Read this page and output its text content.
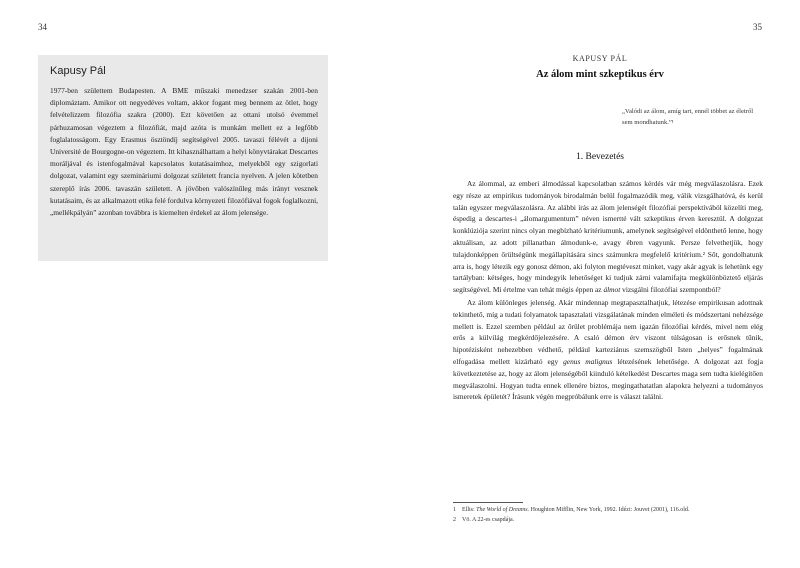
34
Kapusy Pál
1977-ben születtem Budapesten. A BME műszaki menedzser szakán 2001-ben diplomáztam. Amikor ott negyedéves voltam, akkor fogant meg bennem az ötlet, hogy felvételizzem filozófia szakra (2000). Ezt követően az ottani utolsó évemmel párhuzamosan végeztem a filozófiát, majd azóta is munkám mellett ez a legfőbb foglalatosságom. Egy Erasmus ösztöndíj segítségével 2005. tavaszi félévét a dijoni Université de Bourgogne-on végeztem. Itt kihasználhattam a helyi könyvtárakat Descartes moráljával és istenfogalmával kapcsolatos kutatásaimhoz, melyekből egy szigorlati dolgozat, valamint egy szemináriumi dolgozat született francia nyelven. A jelen kötetben szereplő írás 2006. tavaszán született. A jövőben valószínűleg más irányt vesznek kutatásaim, és az alkalmazott etika felé fordulva környezeti filozófiával fogok foglalkozni, „mellékpályán” azonban továbbra is kiemelten érdekel az álom jelensége.
35
KAPUSY PÁL
Az álom mint szkeptikus érv
„Valódi az álom, amíg tart, ennél többet az életről sem mondhatunk.”¹
1. Bevezetés

Az álommal, az emberi álmodással kapcsolatban számos kérdés vár még megválaszolásra. Ezek egy része az empirikus tudományok birodalmán belül fogalmazódik meg, válik vizsgálhatóvá, és kerül talán egyszer megválaszolásra. Az alábbi írás az álom jelenségét filozófiai perspektívából közelíti meg, éspedig a descartes-i „álomargumentum” néven ismertté vált szkeptikus érven keresztül. A dolgozat konklúziója szerint nincs olyan megbízható kritériumunk, amelynek segítségével eldönthető lenne, hogy aktuálisan, az adott pillanatban álmodunk-e, avagy ébren vagyunk. Persze felvethetjük, hogy tulajdonképpen őrültségünk megállapítására sincs számunkra megfelelő kritérium.² Sőt, gondolhatunk arra is, hogy létezik egy gonosz démon, aki folyton megtéveszt minket, vagy akár agyak is lehetünk egy tartályban: kétséges, hogy mindegyik lehetőséget ki tudjuk zárni valamifajta megkülönböztető eljárás segítségével. Mi értelme van tehát mégis éppen az álmot vizsgálni filozófiai szempontból?

Az álom különleges jelenség. Akár mindennap megtapasztalhatjuk, létezése empirikusan adottnak tekinthető, míg a tudati folyamatok tapasztalati vizsgálatának minden elméleti és módszertani nehézsége mellett is. Ezzel szemben például az őrület problémája nem igazán filozófiai kérdés, mivel nem elég erős a külvilág megkérdőjelezésére. A csaló démon érv viszont túlságosan is erősnek tűnik, hipotézisként nehezebben védhető, például karteziánus szemszögből Isten „helyes” fogalmának elfogadása mellett kizárható egy genus malignus létezésének lehetősége. A dolgozat azt fogja következtetése az, hogy az álom jelenségéből kiinduló kételkedést Descartes maga sem tudta kielégítően megválaszolni. Hogyan tudta ennek ellenére biztos, megingathatatlan alapokra helyezni a tudományos ismeretek épületét? Írásunk végén megpróbálunk erre is választ találni.

1 Ellis: The World of Dreams. Houghton Mifflin, New York, 1992. Idézi: Jouvet (2001), 116.old.
2 Vö. A 22-es csapdája.
